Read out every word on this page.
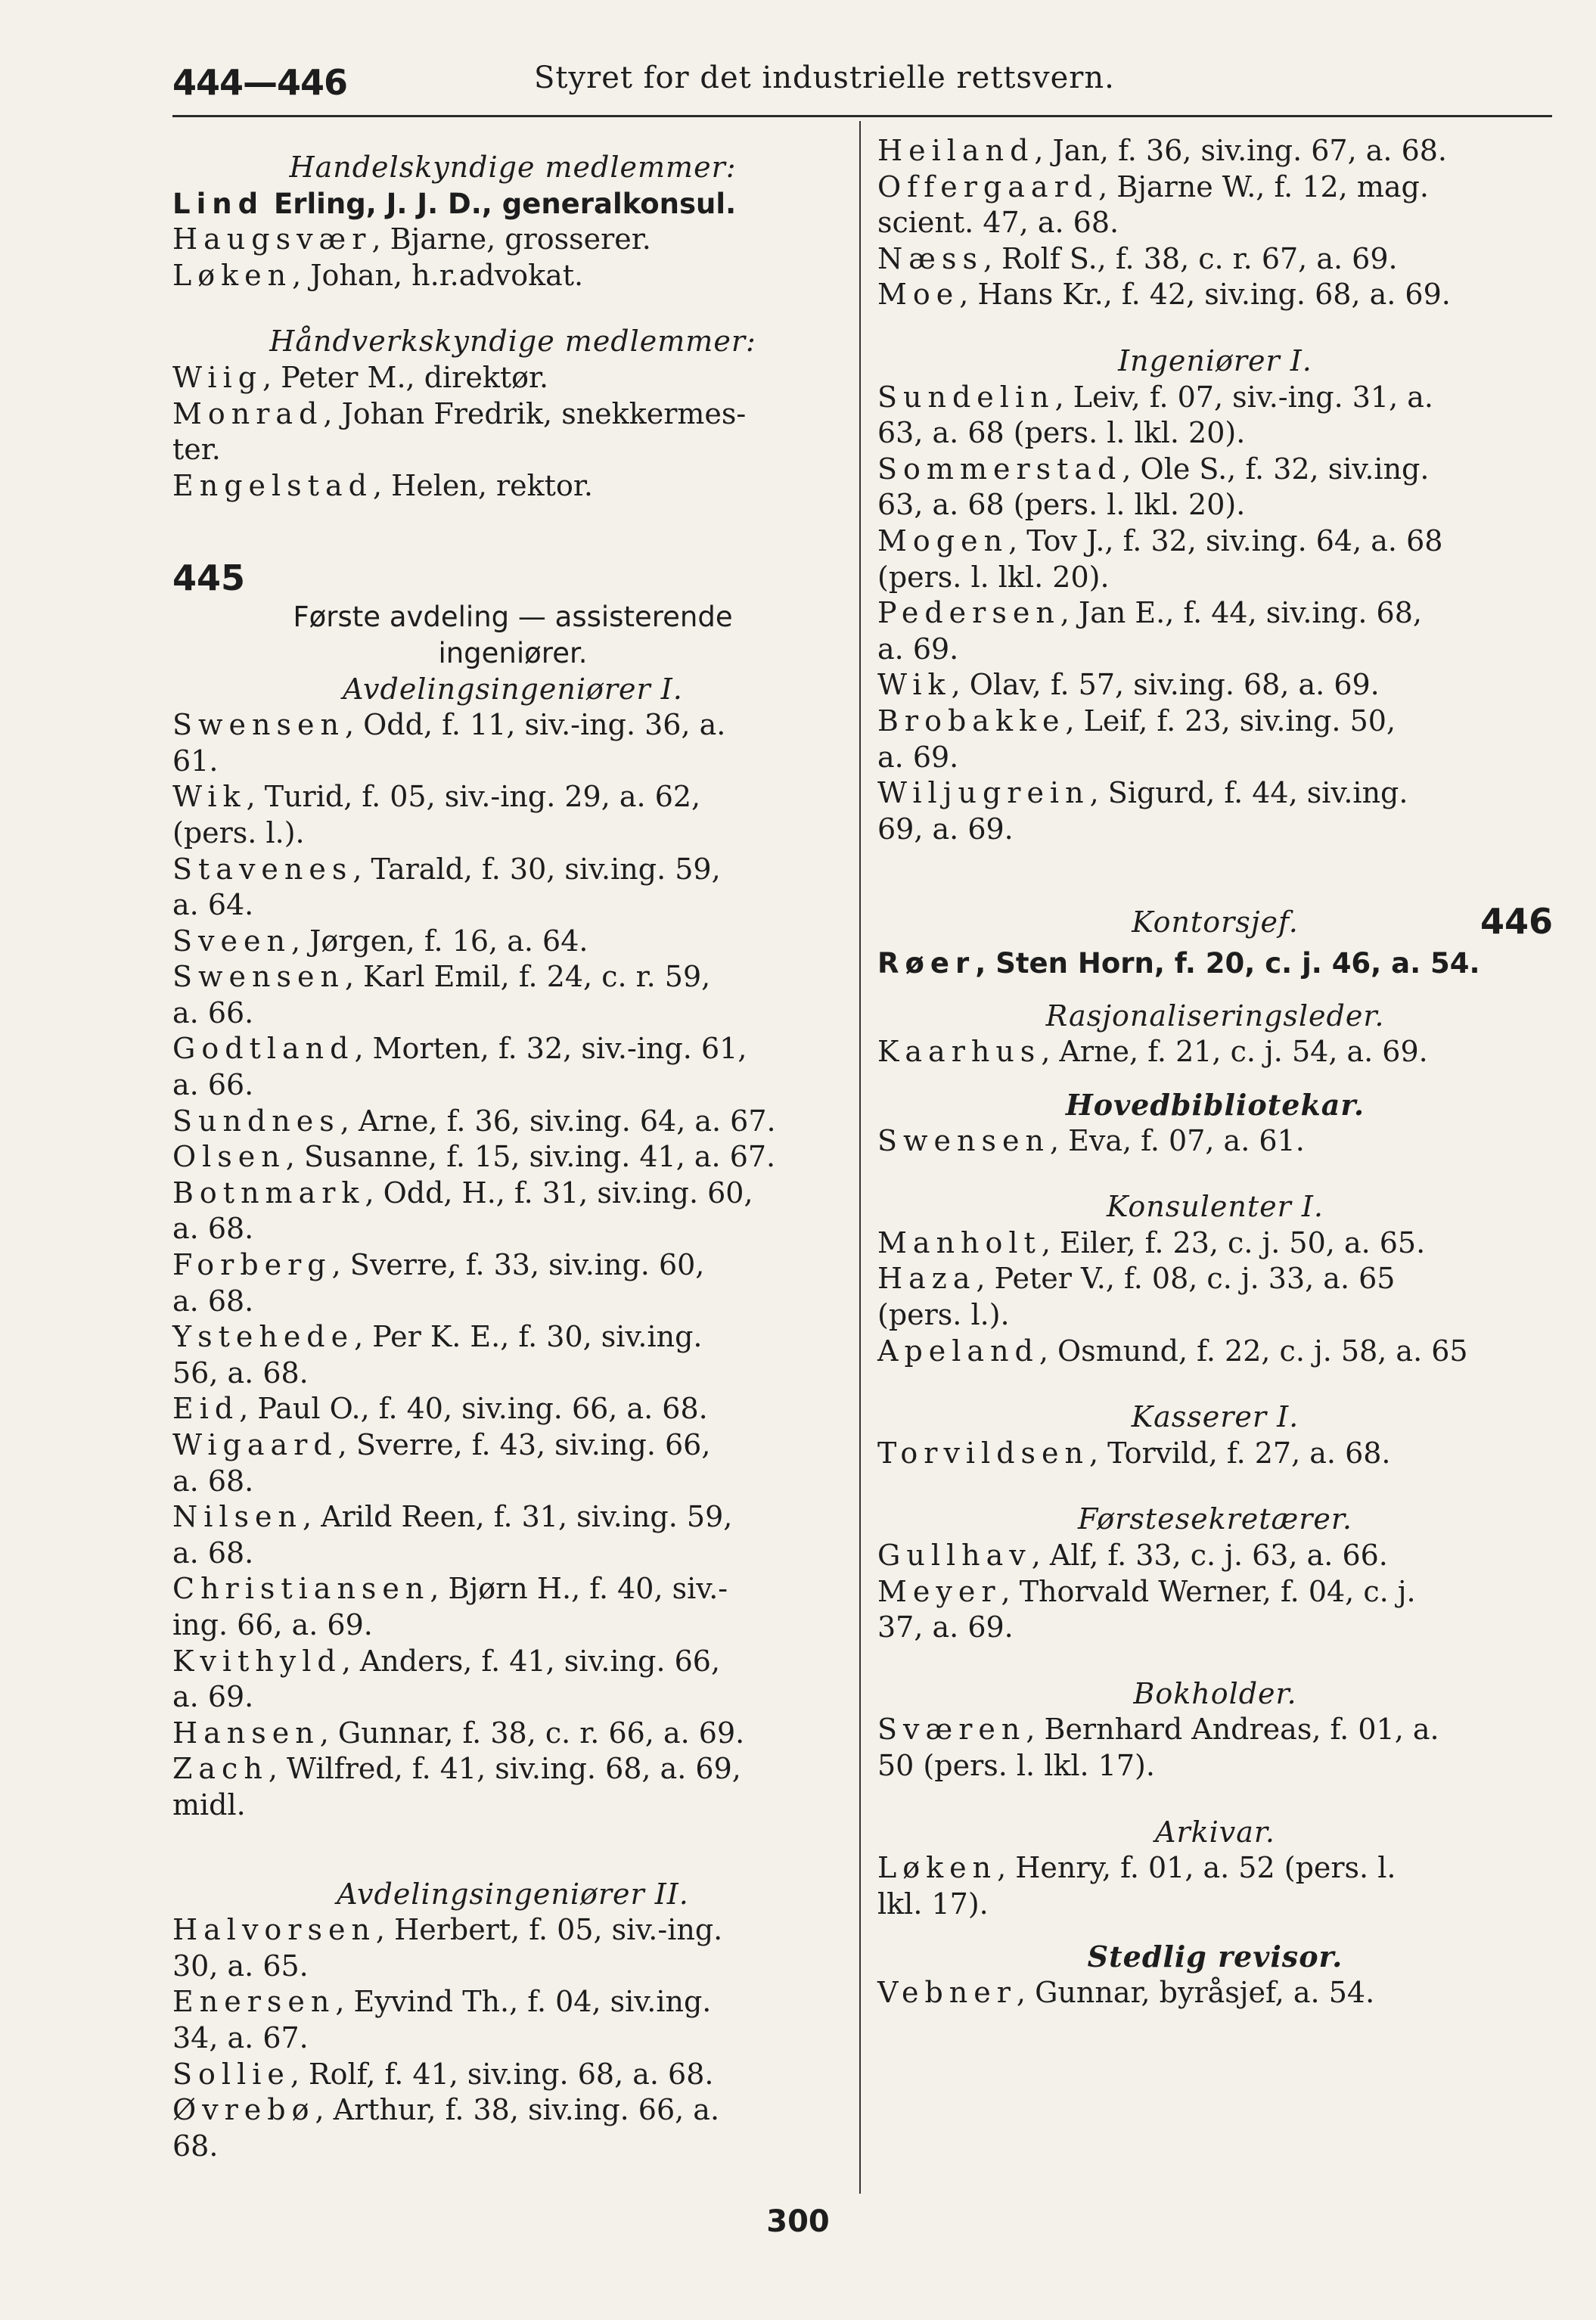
444—446	Styret for det industrielle rettsvern.
Handelskyndige medlemmer:
Lind Erling, J. J. D., generalkonsul.
Haugsvær, Bjarne, grosserer.
Løken, Johan, h.r.advokat.
Håndverkskyndige medlemmer:
Wiig, Peter M., direktør.
Monrad, Johan Fredrik, snekkermes-
ter.
Engelstad, Helen, rektor.
445
Første avdeling — assisterende
ingeniører.
Avdelingsingeniører I.
Swensen, Odd, f. 11, siv.-ing. 36, a.
61.
Wik, Turid, f. 05, siv.-ing. 29, a. 62,
(pers. l.).
Stavenes, Tarald, f. 30, siv.ing. 59,
a. 64.
Sveen, Jørgen, f. 16, a. 64.
Swensen, Karl Emil, f. 24, c. r. 59,
a. 66.
Godtland, Morten, f. 32, siv.-ing. 61,
a. 66.
Sundnes, Arne, f. 36, siv.ing. 64, a. 67.
Olsen, Susanne, f. 15, siv.ing. 41, a. 67.
Botnmark, Odd, H., f. 31, siv.ing. 60,
a. 68.
Forberg, Sverre, f. 33, siv.ing. 60,
a. 68.
Ystehede, Per K. E., f. 30, siv.ing.
56, a. 68.
Eid, Paul O., f. 40, siv.ing. 66, a. 68.
Wigaard, Sverre, f. 43, siv.ing. 66,
a. 68.
Nilsen, Arild Reen, f. 31, siv.ing. 59,
a. 68.
Christiansen, Bjørn H., f. 40, siv.-
ing. 66, a. 69.
Kvithyld, Anders, f. 41, siv.ing. 66,
a. 69.
Hansen, Gunnar, f. 38, c. r. 66, a. 69.
Zach, Wilfred, f. 41, siv.ing. 68, a. 69,
midl.
Avdelingsingeniører II.
Halvorsen, Herbert, f. 05, siv.-ing.
30, a. 65.
Enersen, Eyvind Th., f. 04, siv.ing.
34, a. 67.
Sollie, Rolf, f. 41, siv.ing. 68, a. 68.
Øvrebø, Arthur, f. 38, siv.ing. 66, a.
68.
Heiland, Jan, f. 36, siv.ing. 67, a. 68.
Offergaard, Bjarne W., f. 12, mag.
scient. 47, a. 68.
Næss, Rolf S., f. 38, c. r. 67, a. 69.
Moe, Hans Kr., f. 42, siv.ing. 68, a. 69.
Ingeniører I.
Sundelin, Leiv, f. 07, siv.-ing. 31, a.
63, a. 68 (pers. l. lkl. 20).
Sommerstad, Ole S., f. 32, siv.ing.
63, a. 68 (pers. l. lkl. 20).
Mogen, Tov J., f. 32, siv.ing. 64, a. 68
(pers. l. lkl. 20).
Pedersen, Jan E., f. 44, siv.ing. 68,
a. 69.
Wik, Olav, f. 57, siv.ing. 68, a. 69.
Brobakke, Leif, f. 23, siv.ing. 50,
a. 69.
Wiljugrein, Sigurd, f. 44, siv.ing.
69, a. 69.
Kontorsjef.	446
Røer, Sten Horn, f. 20, c. j. 46, a. 54.
Rasjonaliseringsleder.
Kaarhus, Arne, f. 21, c. j. 54, a. 69.
Hovedbibliotekar.
Swensen, Eva, f. 07, a. 61.
Konsulenter I.
Manholt, Eiler, f. 23, c. j. 50, a. 65.
Haza, Peter V., f. 08, c. j. 33, a. 65
(pers. l.).
Apeland, Osmund, f. 22, c. j. 58, a. 65
Kasserer I.
Torvildsen, Torvild, f. 27, a. 68.
Førstesekretærer.
Gullhav, Alf, f. 33, c. j. 63, a. 66.
Meyer, Thorvald Werner, f. 04, c. j.
37, a. 69.
Bokholder.
Sværen, Bernhard Andreas, f. 01, a.
50 (pers. l. lkl. 17).
Arkivar.
Løken, Henry, f. 01, a. 52 (pers. l.
lkl. 17).
Stedlig revisor.
Vebner, Gunnar, byråsjef, a. 54.
300
